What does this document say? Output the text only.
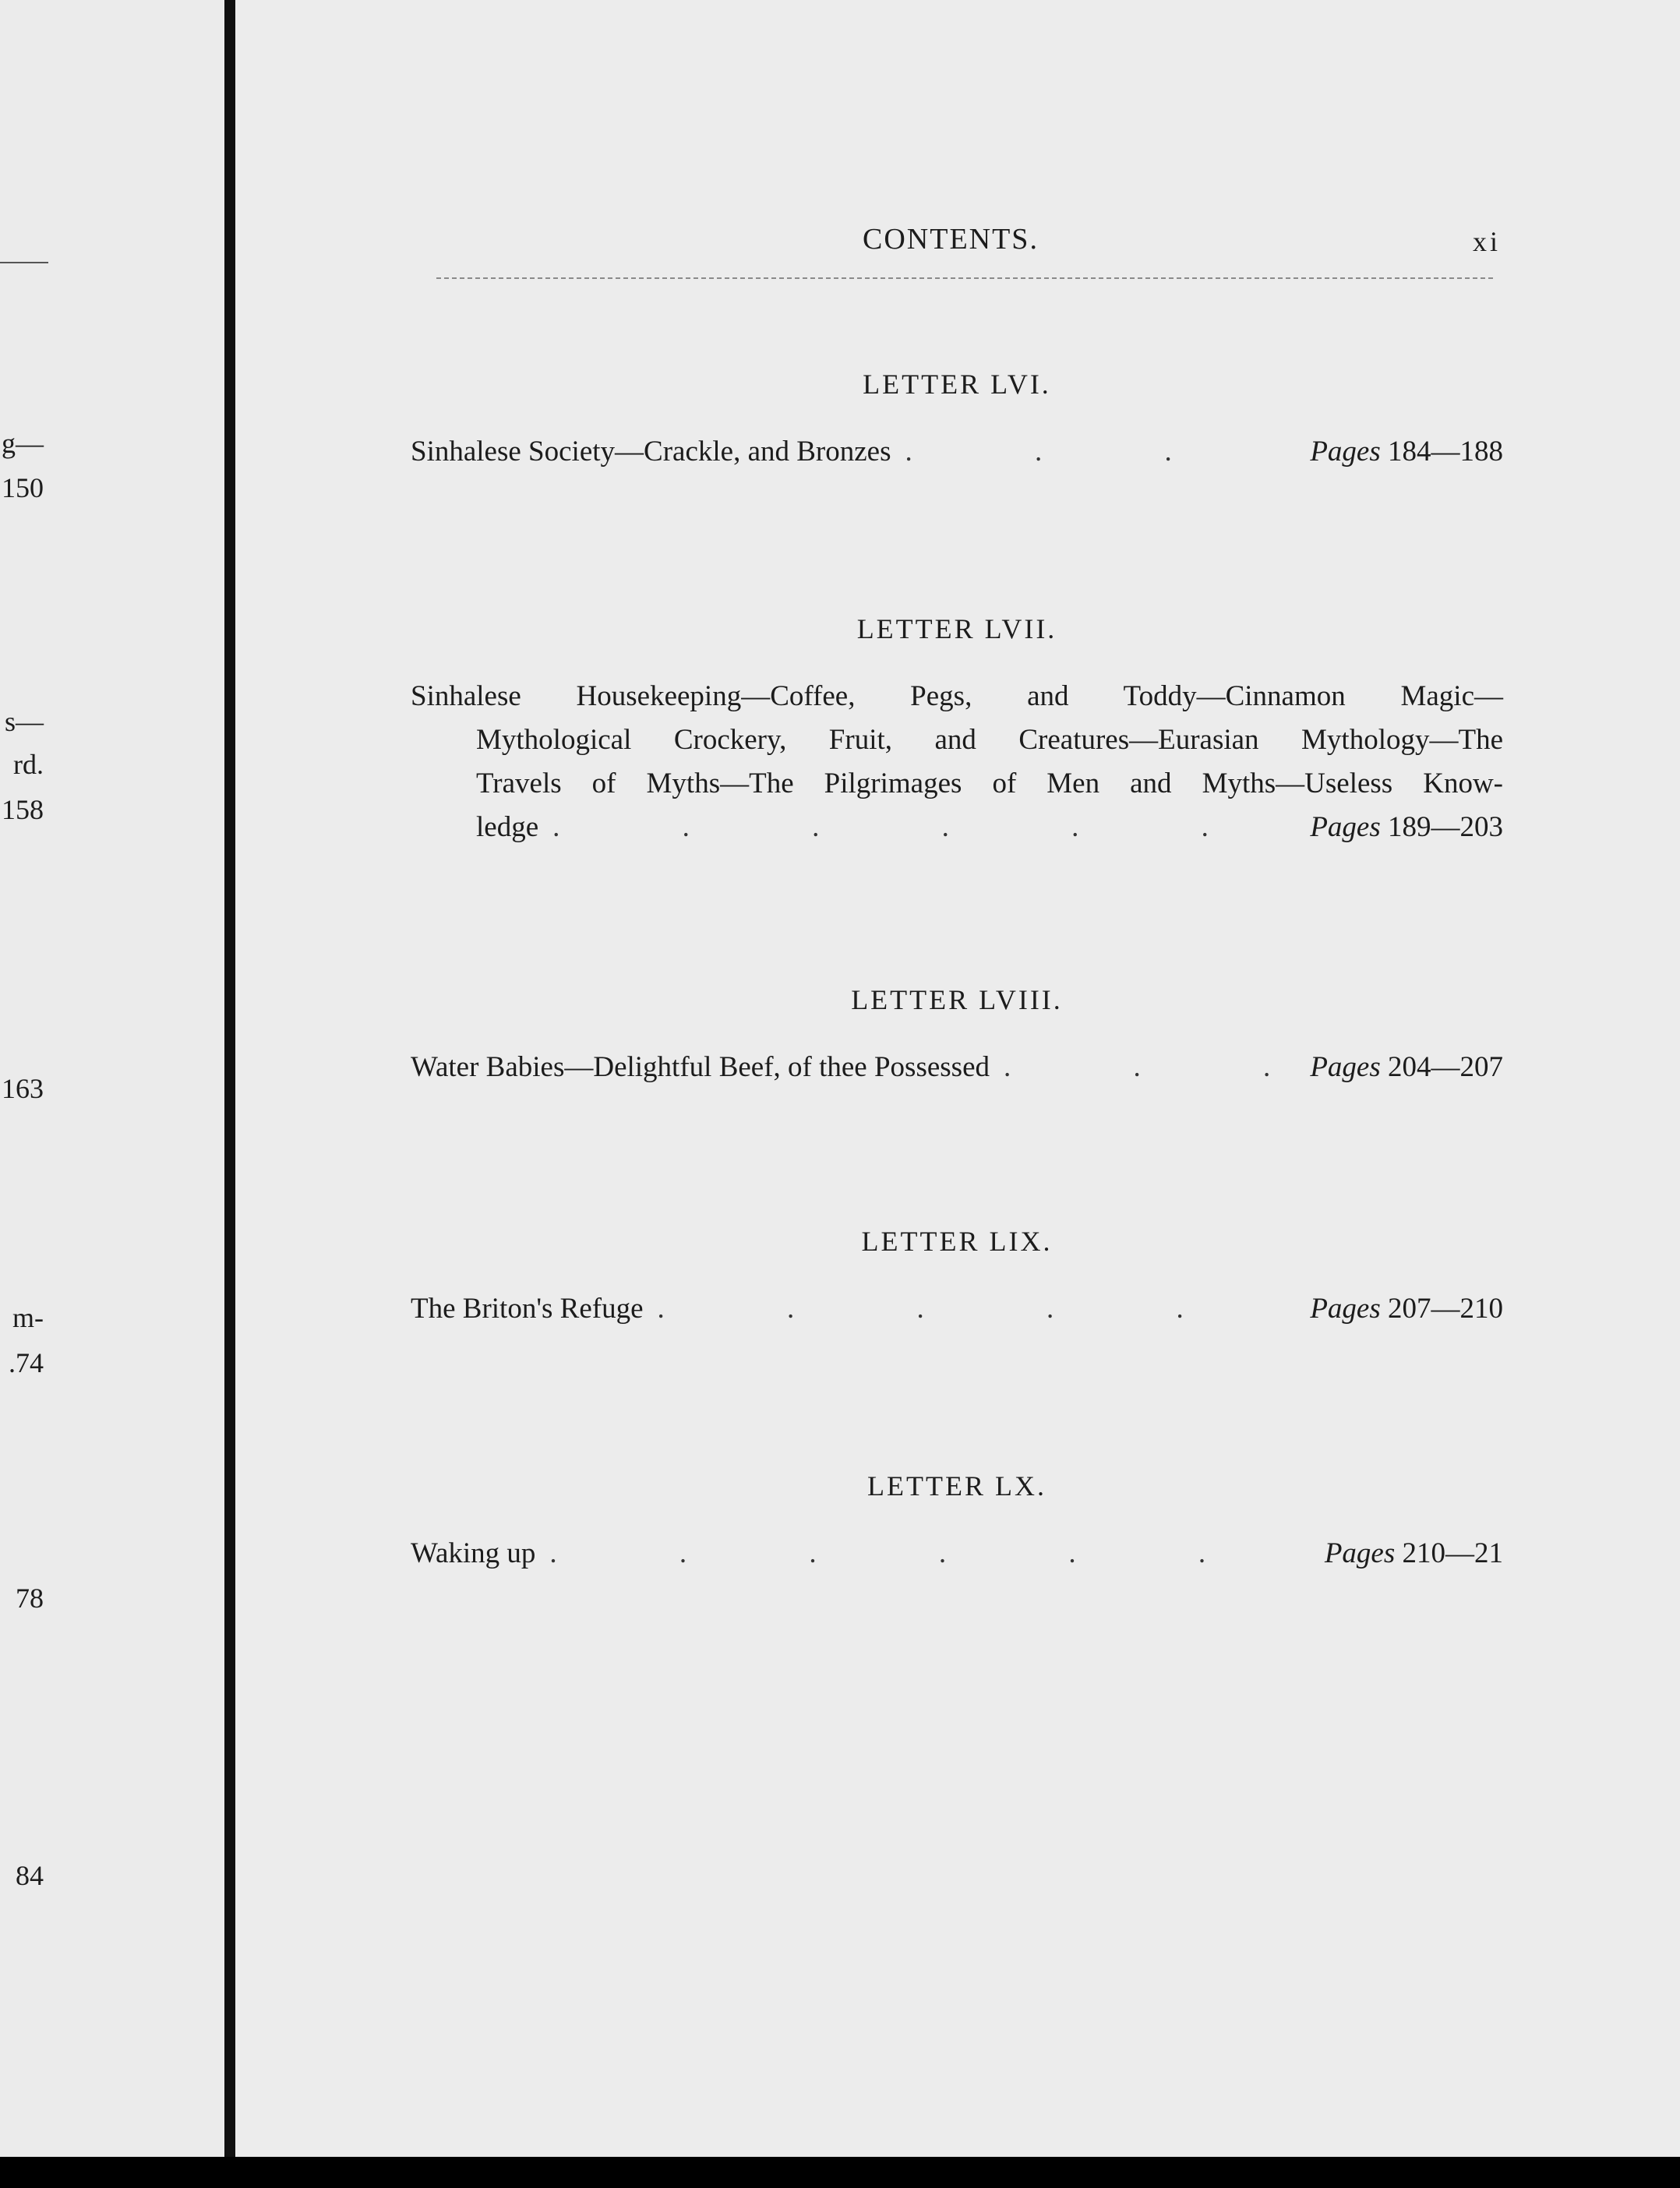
g—
150
s—
rd.
158
163
m-
.74
78
84
CONTENTS.	xi
LETTER LVI.
Sinhalese Society—Crackle, and Bronzes .	Pages 184—188
LETTER LVII.
Sinhalese Housekeeping—Coffee, Pegs, and Toddy—Cinnamon Magic—
Mythological Crockery, Fruit, and Creatures—Eurasian Mythology—The
Travels of Myths—The Pilgrimages of Men and Myths—Useless Know-
ledge .	Pages 189—203
LETTER LVIII.
Water Babies—Delightful Beef, of thee Possessed .	Pages 204—207
LETTER LIX.
The Briton's Refuge .	Pages 207—210
LETTER LX.
Waking up .	Pages 210—21
